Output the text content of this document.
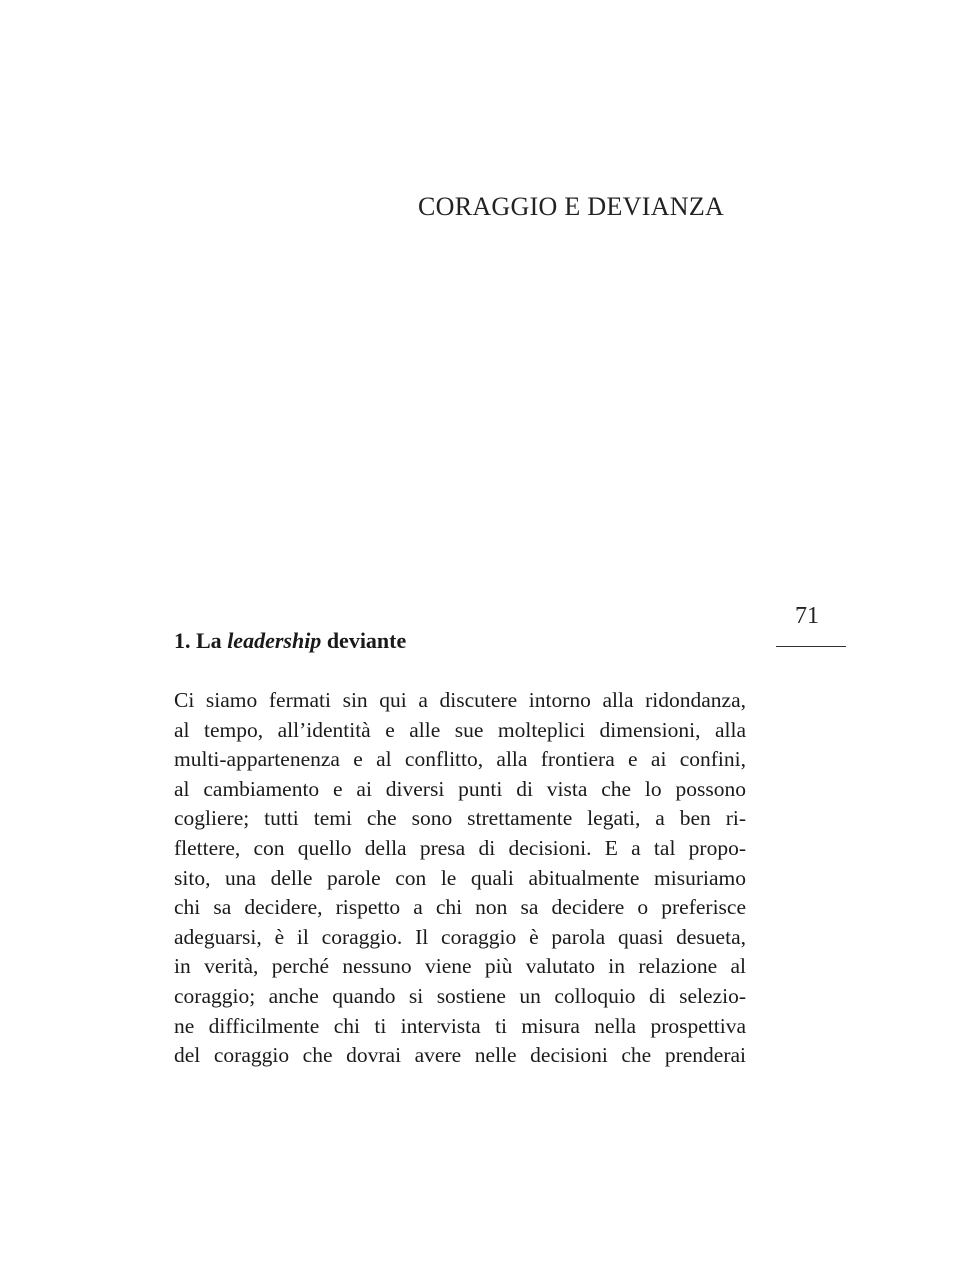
CORAGGIO E DEVIANZA
71
1. La leadership deviante
Ci siamo fermati sin qui a discutere intorno alla ridondanza,
al tempo, all’identità e alle sue molteplici dimensioni, alla
multi-appartenenza e al conflitto, alla frontiera e ai confini,
al cambiamento e ai diversi punti di vista che lo possono
cogliere; tutti temi che sono strettamente legati, a ben ri-
flettere, con quello della presa di decisioni. E a tal propo-
sito, una delle parole con le quali abitualmente misuriamo
chi sa decidere, rispetto a chi non sa decidere o preferisce
adeguarsi, è il coraggio. Il coraggio è parola quasi desueta,
in verità, perché nessuno viene più valutato in relazione al
coraggio; anche quando si sostiene un colloquio di selezio-
ne difficilmente chi ti intervista ti misura nella prospettiva
del coraggio che dovrai avere nelle decisioni che prenderai
